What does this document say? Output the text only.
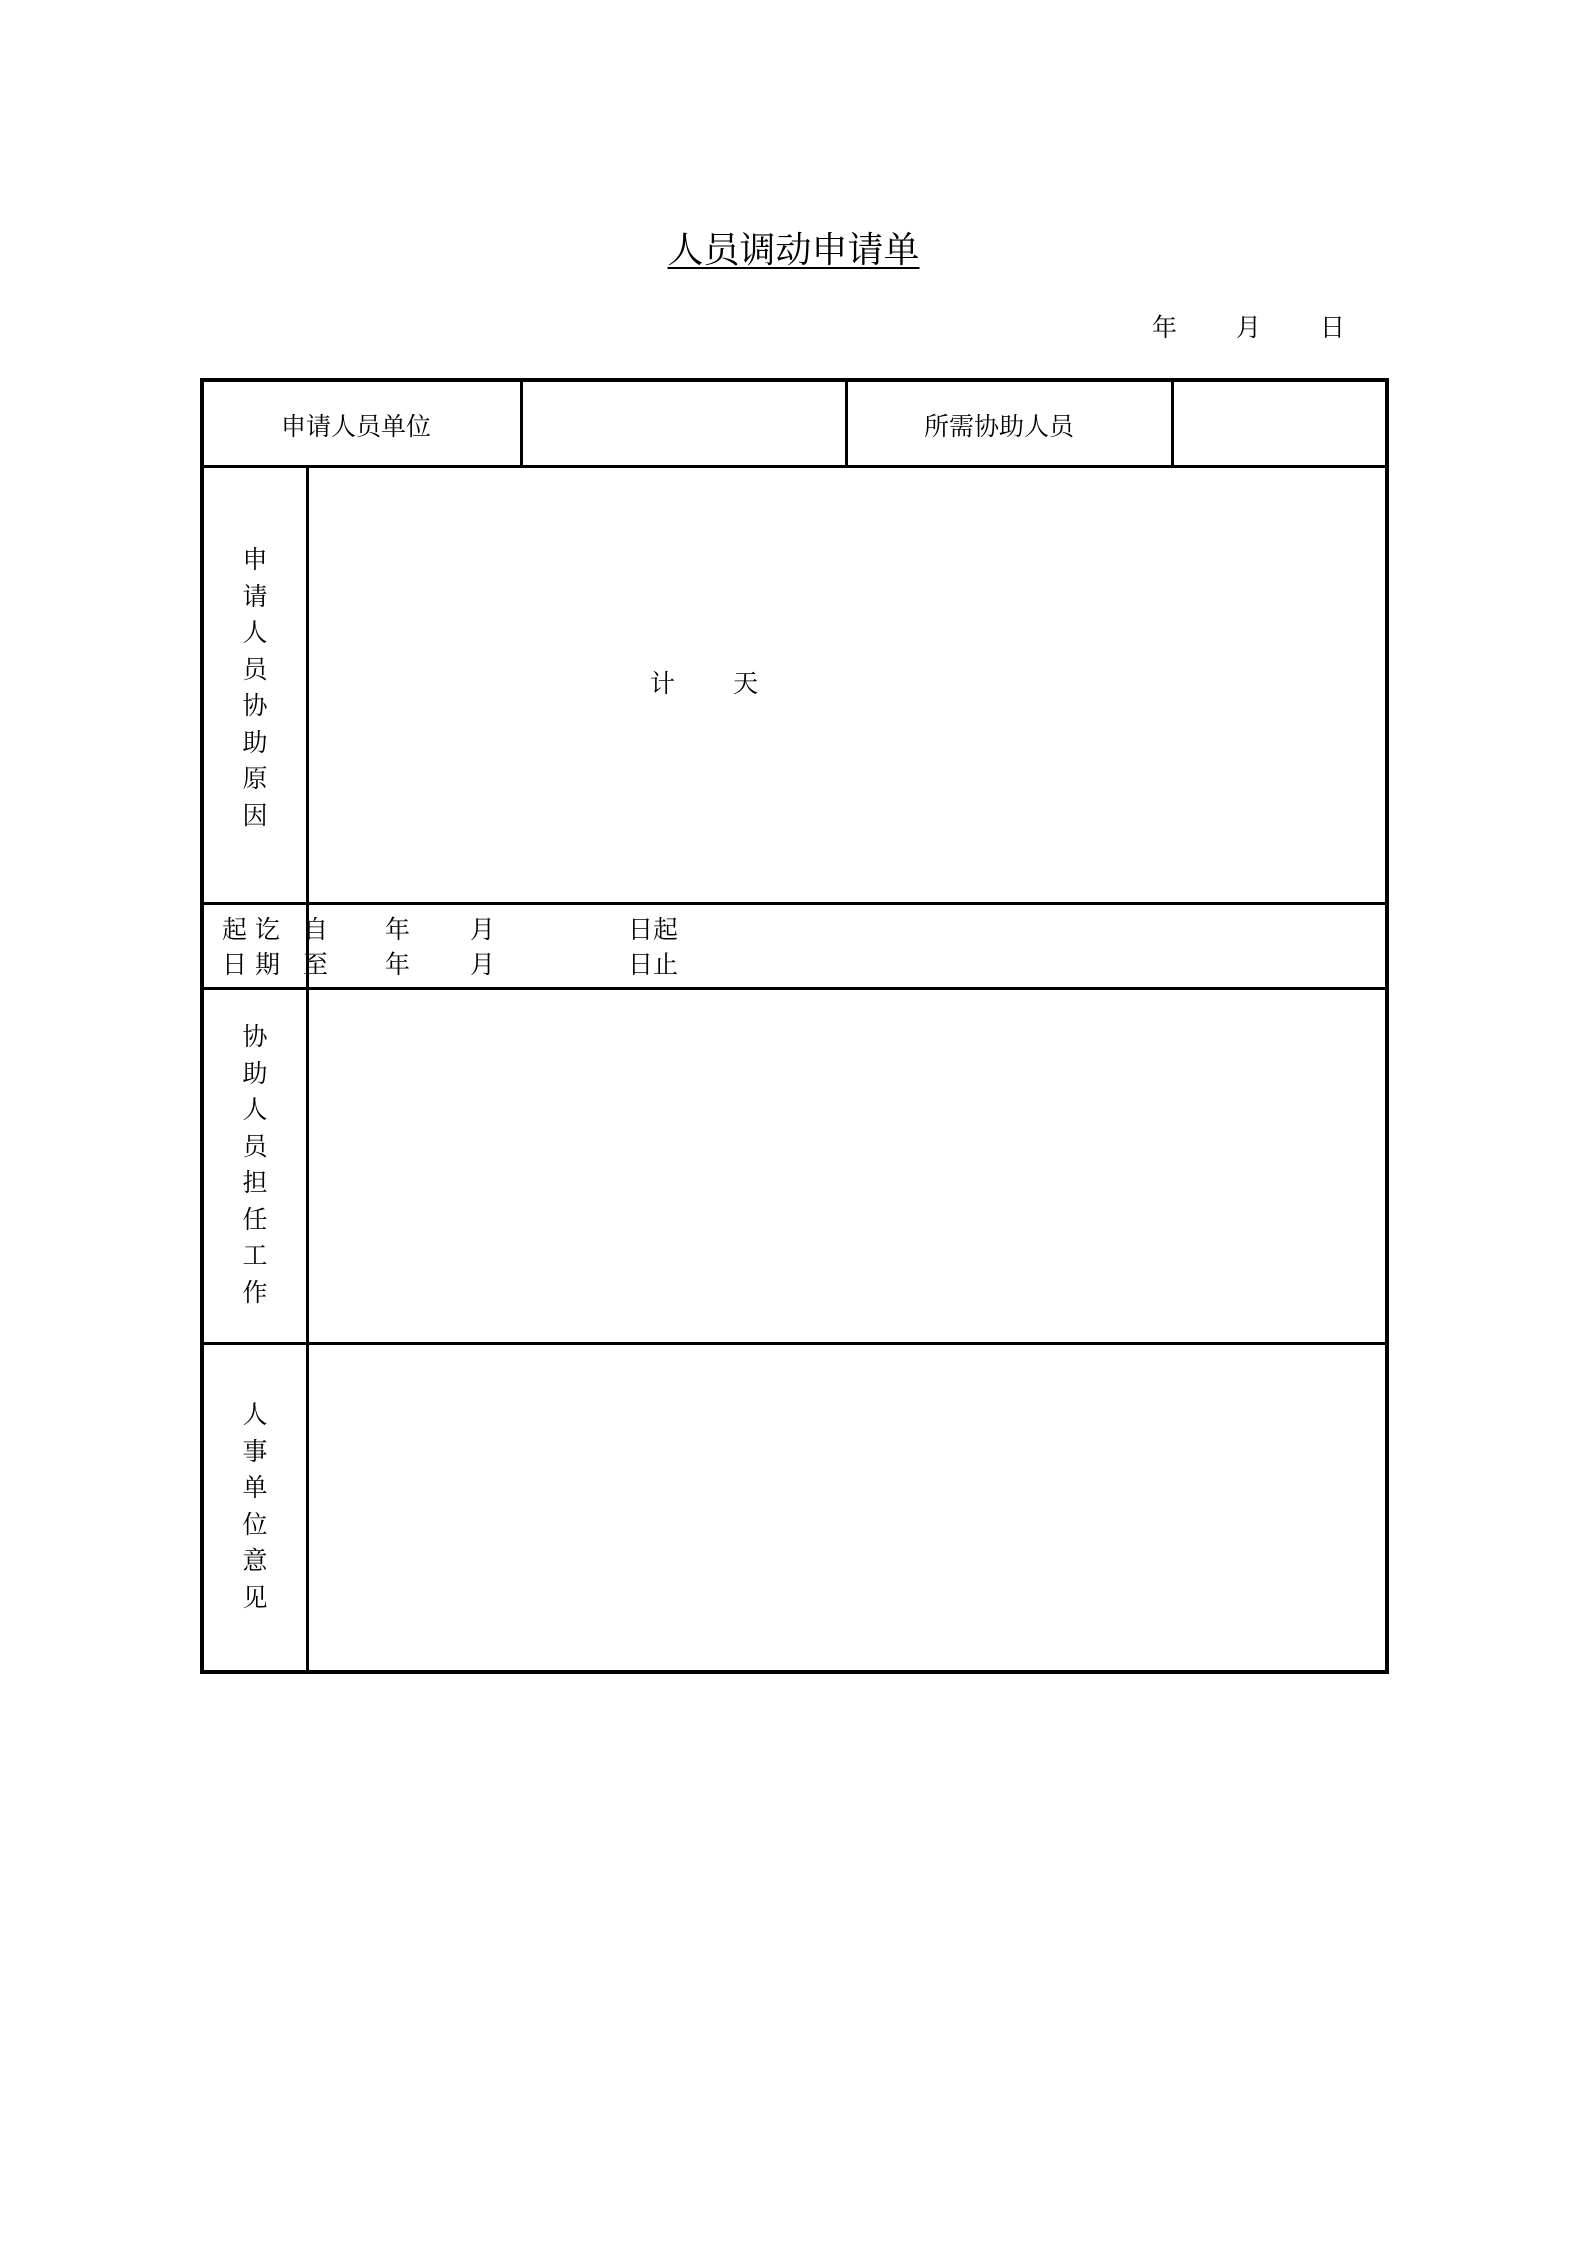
人员调动申请单
年 月 日
申请人员单位	所需协助人员
申
请
人
员
协
助
原
因
计 天
起 讫
日 期
自 年 月	日起
至 年 月	日止
协
助
人
员
担
任
工
作
人
事
单
位
意
见
